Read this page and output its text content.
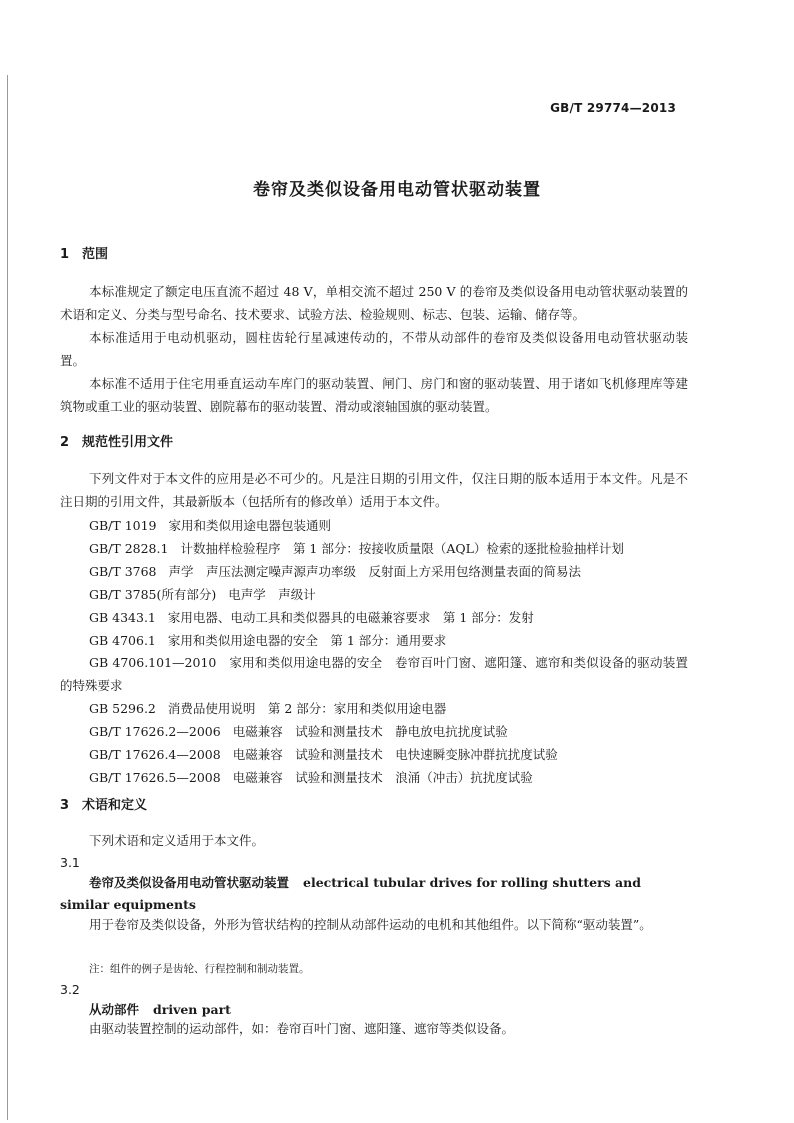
GB/T 29774—2013
卷帘及类似设备用电动管状驱动装置
1 范围
本标准规定了额定电压直流不超过 48 V，单相交流不超过 250 V 的卷帘及类似设备用电动管状驱动装置的术语和定义、分类与型号命名、技术要求、试验方法、检验规则、标志、包装、运输、储存等。
本标准适用于电动机驱动，圆柱齿轮行星减速传动的，不带从动部件的卷帘及类似设备用电动管状驱动装置。
本标准不适用于住宅用垂直运动车库门的驱动装置、闸门、房门和窗的驱动装置、用于诸如飞机修理库等建筑物或重工业的驱动装置、剧院幕布的驱动装置、滑动或滚轴国旗的驱动装置。
2 规范性引用文件
下列文件对于本文件的应用是必不可少的。凡是注日期的引用文件，仅注日期的版本适用于本文件。凡是不注日期的引用文件，其最新版本（包括所有的修改单）适用于本文件。
GB/T 1019 家用和类似用途电器包装通则
GB/T 2828.1 计数抽样检验程序　第 1 部分：按接收质量限（AQL）检索的逐批检验抽样计划
GB/T 3768 声学　声压法测定噪声源声功率级　反射面上方采用包络测量表面的简易法
GB/T 3785(所有部分) 电声学　声级计
GB 4343.1 家用电器、电动工具和类似器具的电磁兼容要求　第 1 部分：发射
GB 4706.1 家用和类似用途电器的安全　第 1 部分：通用要求
GB 4706.101—2010　家用和类似用途电器的安全　卷帘百叶门窗、遮阳篷、遮帘和类似设备的驱动装置的特殊要求
GB 5296.2 消费品使用说明　第 2 部分：家用和类似用途电器
GB/T 17626.2—2006 电磁兼容　试验和测量技术　静电放电抗扰度试验
GB/T 17626.4—2008 电磁兼容　试验和测量技术　电快速瞬变脉冲群抗扰度试验
GB/T 17626.5—2008 电磁兼容　试验和测量技术　浪涌（冲击）抗扰度试验
3 术语和定义
下列术语和定义适用于本文件。
3.1
卷帘及类似设备用电动管状驱动装置 electrical tubular drives for rolling shutters and similar equipments
用于卷帘及类似设备，外形为管状结构的控制从动部件运动的电机和其他组件。以下简称“驱动装置”。
注：组件的例子是齿轮、行程控制和制动装置。
3.2
从动部件 driven part
由驱动装置控制的运动部件，如：卷帘百叶门窗、遮阳篷、遮帘等类似设备。
